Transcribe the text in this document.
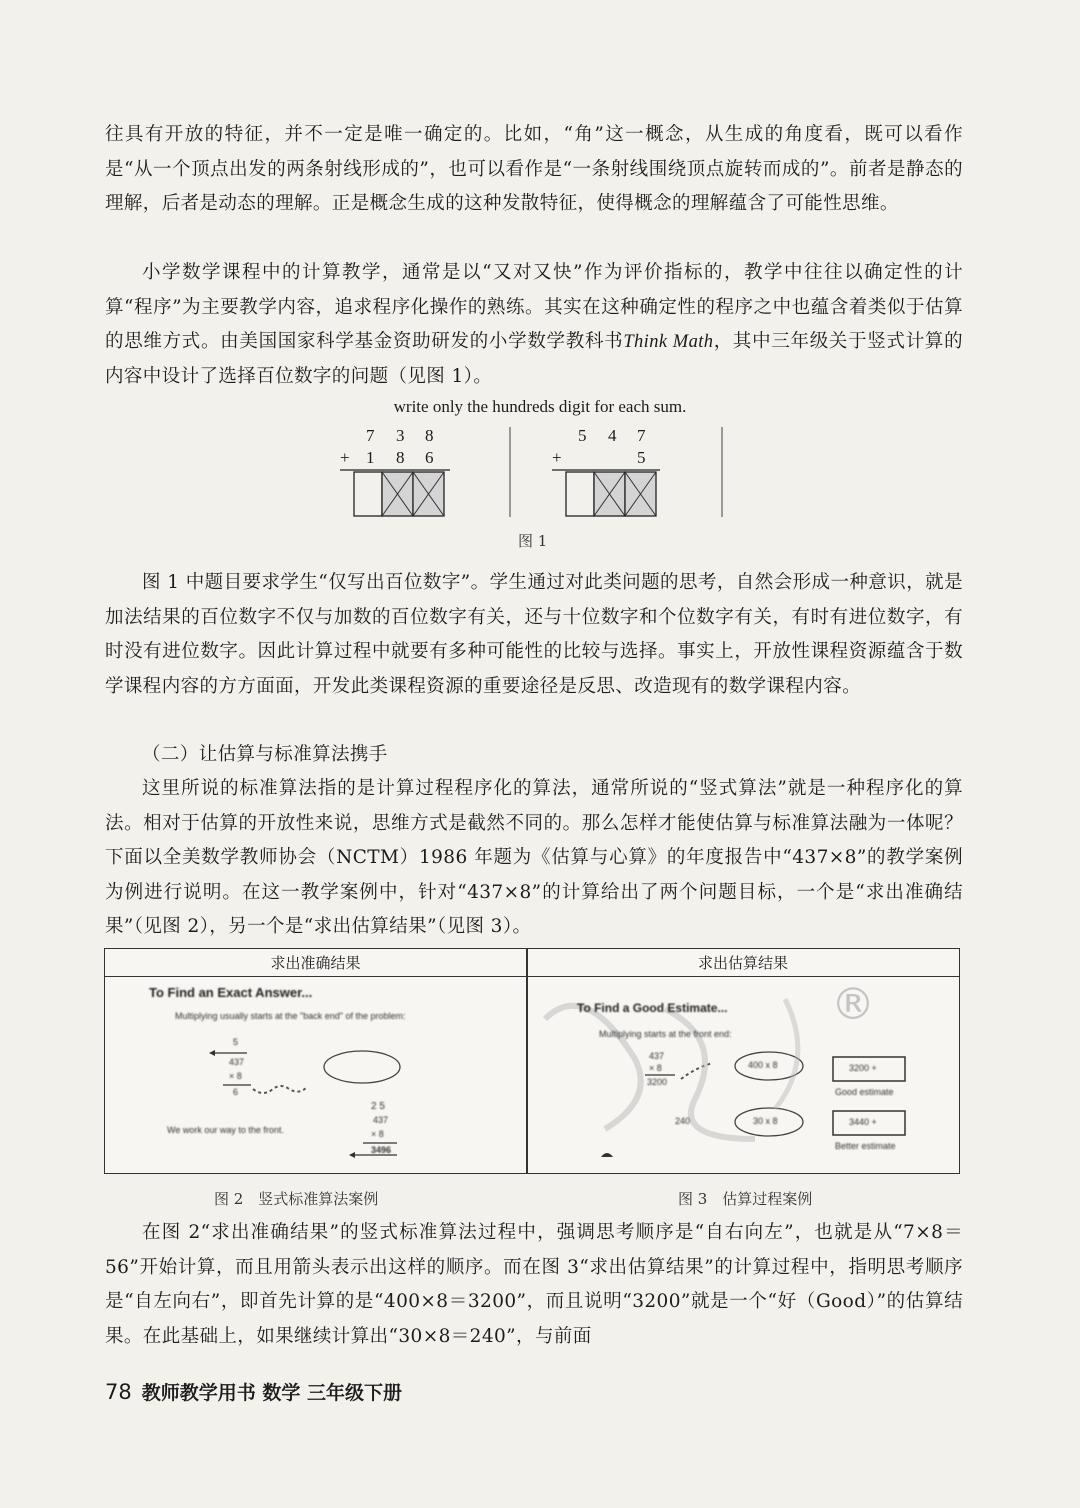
往具有开放的特征，并不一定是唯一确定的。比如，“角”这一概念，从生成的角度看，既可以看作是“从一个顶点出发的两条射线形成的”，也可以看作是“一条射线围绕顶点旋转而成的”。前者是静态的理解，后者是动态的理解。正是概念生成的这种发散特征，使得概念的理解蕴含了可能性思维。
小学数学课程中的计算教学，通常是以“又对又快”作为评价指标的，教学中往往以确定性的计算“程序”为主要教学内容，追求程序化操作的熟练。其实在这种确定性的程序之中也蕴含着类似于估算的思维方式。由美国国家科学基金资助研发的小学数学教科书Think Math，其中三年级关于竖式计算的内容中设计了选择百位数字的问题（见图 1）。
write only the hundreds digit for each sum.
7 3 8
+ 1 8 6
5 4 7
+	5
图 1
图 1 中题目要求学生“仅写出百位数字”。学生通过对此类问题的思考，自然会形成一种意识，就是加法结果的百位数字不仅与加数的百位数字有关，还与十位数字和个位数字有关，有时有进位数字，有时没有进位数字。因此计算过程中就要有多种可能性的比较与选择。事实上，开放性课程资源蕴含于数学课程内容的方方面面，开发此类课程资源的重要途径是反思、改造现有的数学课程内容。
（二）让估算与标准算法携手
这里所说的标准算法指的是计算过程程序化的算法，通常所说的“竖式算法”就是一种程序化的算法。相对于估算的开放性来说，思维方式是截然不同的。那么怎样才能使估算与标准算法融为一体呢？下面以全美数学教师协会（NCTM）1986 年题为《估算与心算》的年度报告中“437×8”的教学案例为例进行说明。在这一教学案例中，针对“437×8”的计算给出了两个问题目标，一个是“求出准确结果”（见图 2），另一个是“求出估算结果”（见图 3）。
求出准确结果	求出估算结果
To Find an Exact Answer...
Multiplying usually starts at the "back end" of the problem:
5
437
× 8
6
2 5
437
× 8
3496
We work our way to the front.
To Find a Good Estimate...
Multiplying starts at the front end:
437
× 8
3200
400 x 8	3200 +
Good estimate
240	30 x 8	3440 +
Better estimate
®
图 2　竖式标准算法案例	图 3　估算过程案例
在图 2“求出准确结果”的竖式标准算法过程中，强调思考顺序是“自右向左”，也就是从“7×8＝56”开始计算，而且用箭头表示出这样的顺序。而在图 3“求出估算结果”的计算过程中，指明思考顺序是“自左向右”，即首先计算的是“400×8＝3200”，而且说明“3200”就是一个“好（Good）”的估算结果。在此基础上，如果继续计算出“30×8＝240”，与前面
78 教师教学用书 数学 三年级下册
